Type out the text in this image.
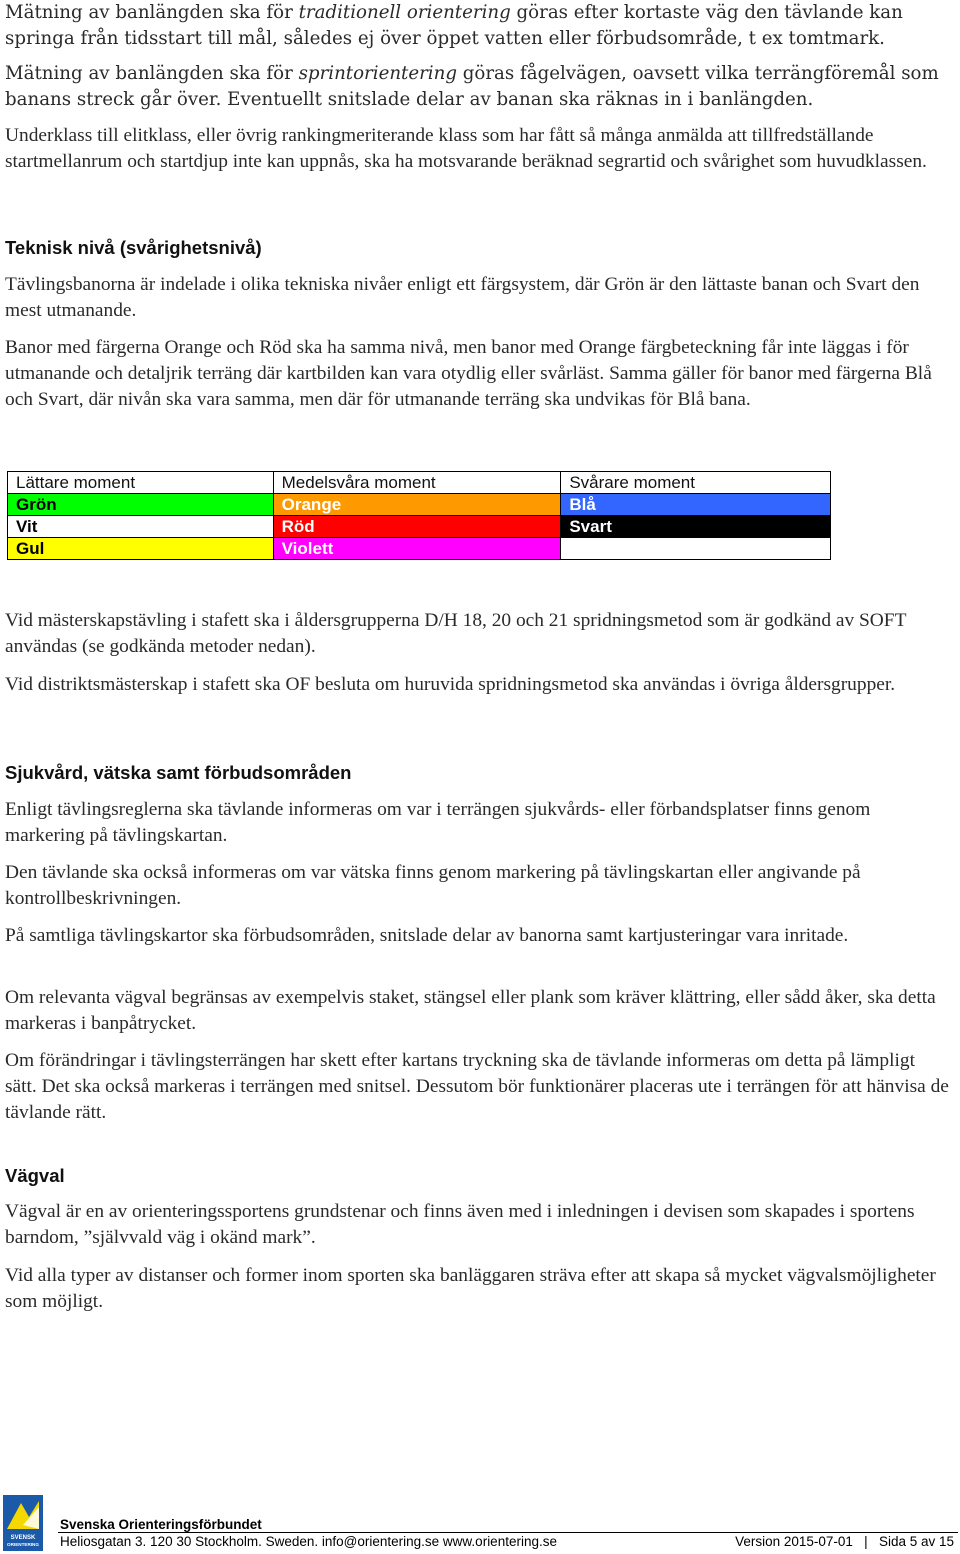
Mätning av banlängden ska för traditionell orientering göras efter kortaste väg den tävlande kan springa från tidsstart till mål, således ej över öppet vatten eller förbudsområde, t ex tomtmark.

Mätning av banlängden ska för sprintorientering göras fågelvägen, oavsett vilka terrängföremål som banans streck går över. Eventuellt snitslade delar av banan ska räknas in i banlängden.

Underklass till elitklass, eller övrig rankingmeriterande klass som har fått så många anmälda att tillfredställande startmellanrum och startdjup inte kan uppnås, ska ha motsvarande beräknad segrartid och svårighet som huvudklassen.

Teknisk nivå (svårighetsnivå)

Tävlingsbanorna är indelade i olika tekniska nivåer enligt ett färgsystem, där Grön är den lättaste banan och Svart den mest utmanande.

Banor med färgerna Orange och Röd ska ha samma nivå, men banor med Orange färgbeteckning får inte läggas i för utmanande och detaljrik terräng där kartbilden kan vara otydlig eller svårläst. Samma gäller för banor med färgerna Blå och Svart, där nivån ska vara samma, men där för utmanande terräng ska undvikas för Blå bana.

Lättare moment	Medelsvåra moment	Svårare moment
Grön	Orange	Blå
Vit	Röd	Svart
Gul	Violett	

Vid mästerskapstävling i stafett ska i åldersgrupperna D/H 18, 20 och 21 spridningsmetod som är godkänd av SOFT användas (se godkända metoder nedan).

Vid distriktsmästerskap i stafett ska OF besluta om huruvida spridningsmetod ska användas i övriga åldersgrupper.

Sjukvård, vätska samt förbudsområden

Enligt tävlingsreglerna ska tävlande informeras om var i terrängen sjukvårds- eller förbandsplatser finns genom markering på tävlingskartan.

Den tävlande ska också informeras om var vätska finns genom markering på tävlingskartan eller angivande på kontrollbeskrivningen.

På samtliga tävlingskartor ska förbudsområden, snitslade delar av banorna samt kartjusteringar vara inritade.

Om relevanta vägval begränsas av exempelvis staket, stängsel eller plank som kräver klättring, eller sådd åker, ska detta markeras i banpåtrycket.

Om förändringar i tävlingsterrängen har skett efter kartans tryckning ska de tävlande informeras om detta på lämpligt sätt. Det ska också markeras i terrängen med snitsel. Dessutom bör funktionärer placeras ute i terrängen för att hänvisa de tävlande rätt.

Vägval

Vägval är en av orienteringssportens grundstenar och finns även med i inledningen i devisen som skapades i sportens barndom, ”självvald väg i okänd mark”.

Vid alla typer av distanser och former inom sporten ska banläggaren sträva efter att skapa så mycket vägvalsmöjligheter som möjligt.

SVENSK
ORIENTERING
Svenska Orienteringsförbundet
Heliosgatan 3. 120 30 Stockholm. Sweden. info@orientering.se www.orientering.se	Version 2015-07-01   |   Sida 5 av 15
